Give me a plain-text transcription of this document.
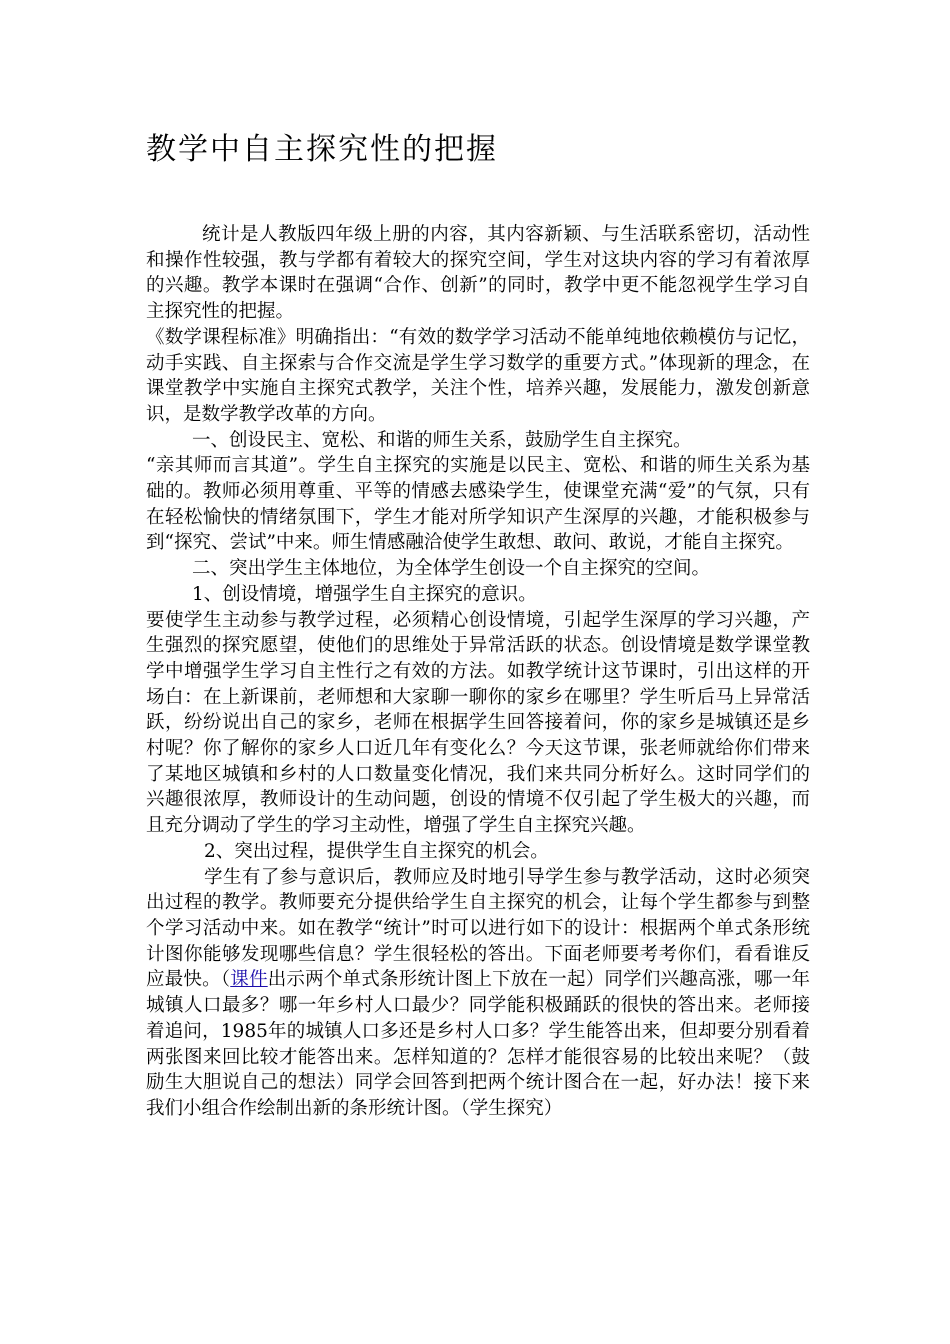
教学中自主探究性的把握

统计是人教版四年级上册的内容，其内容新颖、与生活联系密切，活动性和操作性较强，教与学都有着较大的探究空间，学生对这块内容的学习有着浓厚的兴趣。教学本课时在强调“合作、创新”的同时，教学中更不能忽视学生学习自主探究性的把握。

《数学课程标准》明确指出：“有效的数学学习活动不能单纯地依赖模仿与记忆，动手实践、自主探索与合作交流是学生学习数学的重要方式。”体现新的理念，在课堂教学中实施自主探究式教学，关注个性，培养兴趣，发展能力，激发创新意识，是数学教学改革的方向。

一、创设民主、宽松、和谐的师生关系，鼓励学生自主探究。

“亲其师而言其道”。学生自主探究的实施是以民主、宽松、和谐的师生关系为基础的。教师必须用尊重、平等的情感去感染学生，使课堂充满“爱”的气氛，只有在轻松愉快的情绪氛围下，学生才能对所学知识产生深厚的兴趣，才能积极参与到“探究、尝试”中来。师生情感融洽使学生敢想、敢问、敢说，才能自主探究。

二、突出学生主体地位，为全体学生创设一个自主探究的空间。

1、创设情境，增强学生自主探究的意识。

要使学生主动参与教学过程，必须精心创设情境，引起学生深厚的学习兴趣，产生强烈的探究愿望，使他们的思维处于异常活跃的状态。创设情境是数学课堂教学中增强学生学习自主性行之有效的方法。如教学统计这节课时，引出这样的开场白：在上新课前，老师想和大家聊一聊你的家乡在哪里？学生听后马上异常活跃，纷纷说出自己的家乡，老师在根据学生回答接着问，你的家乡是城镇还是乡村呢？你了解你的家乡人口近几年有变化么？今天这节课，张老师就给你们带来了某地区城镇和乡村的人口数量变化情况，我们来共同分析好么。这时同学们的兴趣很浓厚，教师设计的生动问题，创设的情境不仅引起了学生极大的兴趣，而且充分调动了学生的学习主动性，增强了学生自主探究兴趣。

2、突出过程，提供学生自主探究的机会。

学生有了参与意识后，教师应及时地引导学生参与教学活动，这时必须突出过程的教学。教师要充分提供给学生自主探究的机会，让每个学生都参与到整个学习活动中来。如在教学“统计”时可以进行如下的设计：根据两个单式条形统计图你能够发现哪些信息？学生很轻松的答出。下面老师要考考你们，看看谁反应最快。（课件出示两个单式条形统计图上下放在一起）同学们兴趣高涨，哪一年城镇人口最多？哪一年乡村人口最少？同学能积极踊跃的很快的答出来。老师接着追问，1985年的城镇人口多还是乡村人口多？学生能答出来，但却要分别看着两张图来回比较才能答出来。怎样知道的？怎样才能很容易的比较出来呢？（鼓励生大胆说自己的想法）同学会回答到把两个统计图合在一起，好办法！接下来我们小组合作绘制出新的条形统计图。（学生探究）
